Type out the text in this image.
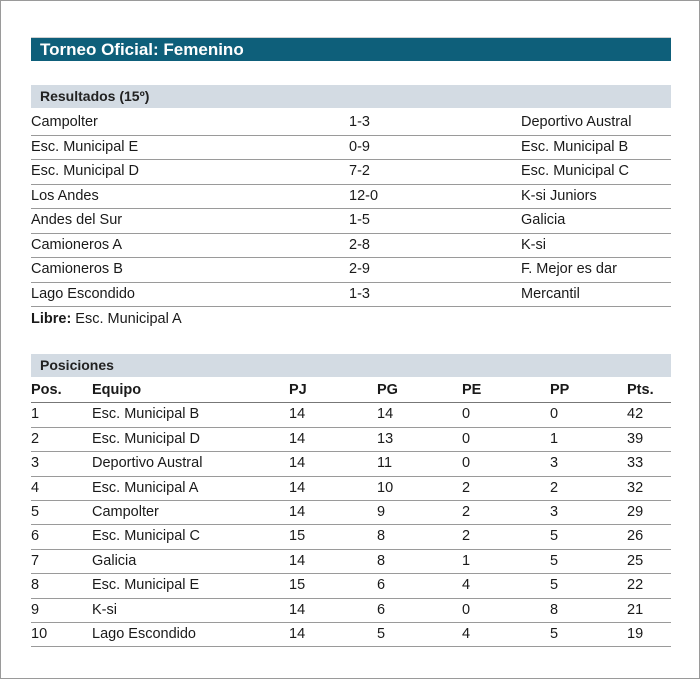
Torneo Oficial: Femenino
Resultados (15º)
Campolter	1-3	Deportivo Austral
Esc. Municipal E	0-9	Esc. Municipal B
Esc. Municipal D	7-2	Esc. Municipal C
Los Andes	12-0	K-si Juniors
Andes del Sur	1-5	Galicia
Camioneros A	2-8	K-si
Camioneros B	2-9	F. Mejor es dar
Lago Escondido	1-3	Mercantil
Libre: Esc. Municipal A
Posiciones
Pos. Equipo	PJ	PG	PE	PP	Pts.
1	Esc. Municipal B	14	14	0	0	42
2	Esc. Municipal D	14	13	0	1	39
3	Deportivo Austral	14	11	0	3	33
4	Esc. Municipal A	14	10	2	2	32
5	Campolter	14	9	2	3	29
6	Esc. Municipal C	15	8	2	5	26
7	Galicia	14	8	1	5	25
8	Esc. Municipal E	15	6	4	5	22
9	K-si	14	6	0	8	21
10	Lago Escondido	14	5	4	5	19
